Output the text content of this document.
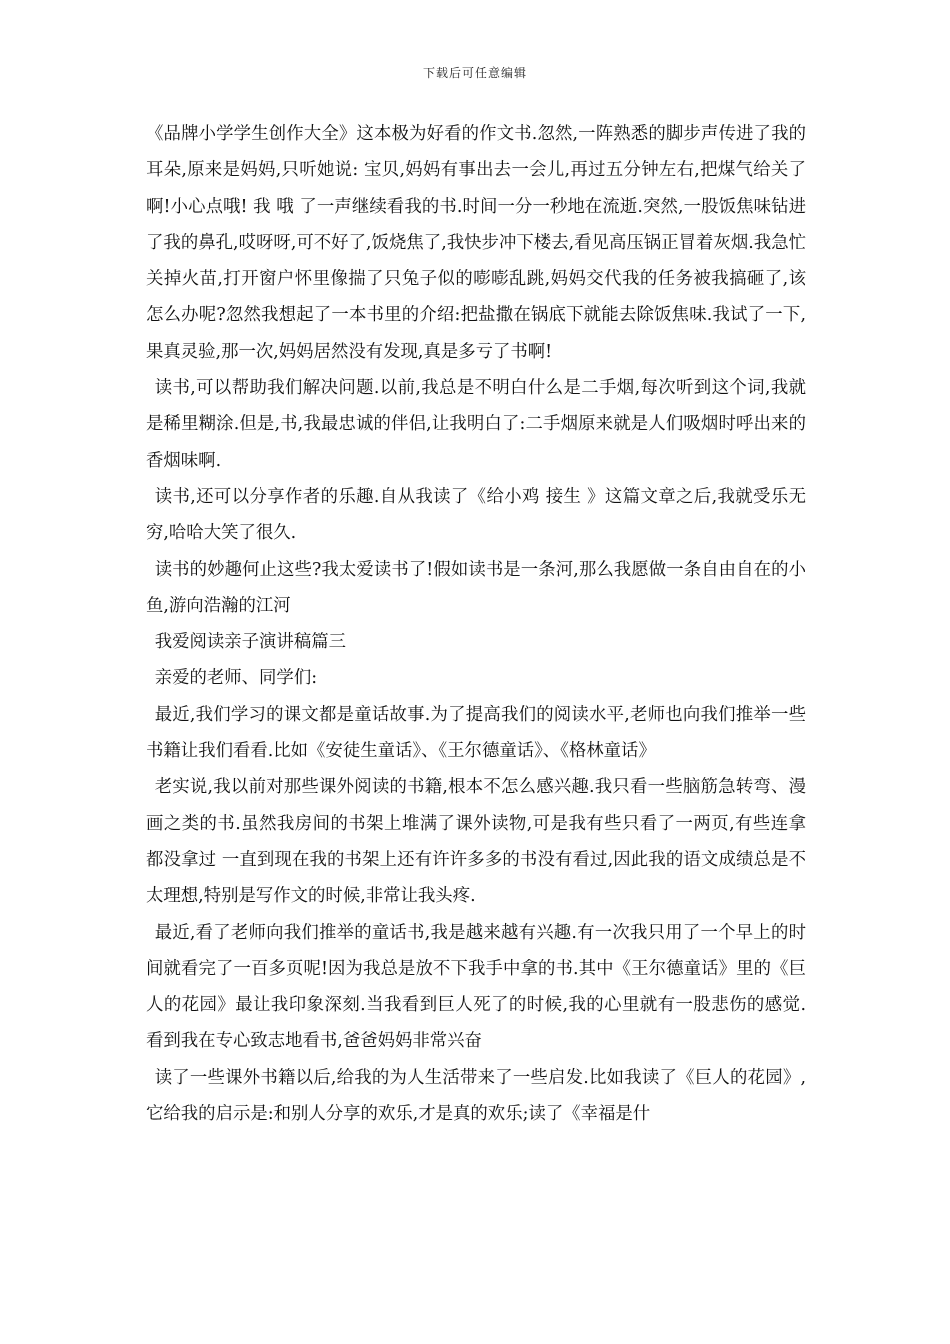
下载后可任意编辑

《品牌小学学生创作大全》这本极为好看的作文书.忽然,一阵熟悉的脚步声传进了我的耳朵,原来是妈妈,只听她说: 宝贝,妈妈有事出去一会儿,再过五分钟左右,把煤气给关了啊!小心点哦! 我 哦 了一声继续看我的书.时间一分一秒地在流逝.突然,一股饭焦味钻进了我的鼻孔,哎呀呀,可不好了,饭烧焦了,我快步冲下楼去,看见高压锅正冒着灰烟.我急忙关掉火苗,打开窗户怀里像揣了只兔子似的嘭嘭乱跳,妈妈交代我的任务被我搞砸了,该怎么办呢?忽然我想起了一本书里的介绍:把盐撒在锅底下就能去除饭焦味.我试了一下,果真灵验,那一次,妈妈居然没有发现,真是多亏了书啊!

读书,可以帮助我们解决问题.以前,我总是不明白什么是二手烟,每次听到这个词,我就是稀里糊涂.但是,书,我最忠诚的伴侣,让我明白了:二手烟原来就是人们吸烟时呼出来的香烟味啊.

读书,还可以分享作者的乐趣.自从我读了《给小鸡 接生 》这篇文章之后,我就受乐无穷,哈哈大笑了很久.

读书的妙趣何止这些?我太爱读书了!假如读书是一条河,那么我愿做一条自由自在的小鱼,游向浩瀚的江河

我爱阅读亲子演讲稿篇三

亲爱的老师、同学们:

最近,我们学习的课文都是童话故事.为了提高我们的阅读水平,老师也向我们推举一些书籍让我们看看.比如《安徒生童话》、《王尔德童话》、《格林童话》

老实说,我以前对那些课外阅读的书籍,根本不怎么感兴趣.我只看一些脑筋急转弯、漫画之类的书.虽然我房间的书架上堆满了课外读物,可是我有些只看了一两页,有些连拿都没拿过 一直到现在我的书架上还有许许多多的书没有看过,因此我的语文成绩总是不太理想,特别是写作文的时候,非常让我头疼.

最近,看了老师向我们推举的童话书,我是越来越有兴趣.有一次我只用了一个早上的时间就看完了一百多页呢!因为我总是放不下我手中拿的书.其中《王尔德童话》里的《巨人的花园》最让我印象深刻.当我看到巨人死了的时候,我的心里就有一股悲伤的感觉.看到我在专心致志地看书,爸爸妈妈非常兴奋

读了一些课外书籍以后,给我的为人生活带来了一些启发.比如我读了《巨人的花园》,它给我的启示是:和别人分享的欢乐,才是真的欢乐;读了《幸福是什
